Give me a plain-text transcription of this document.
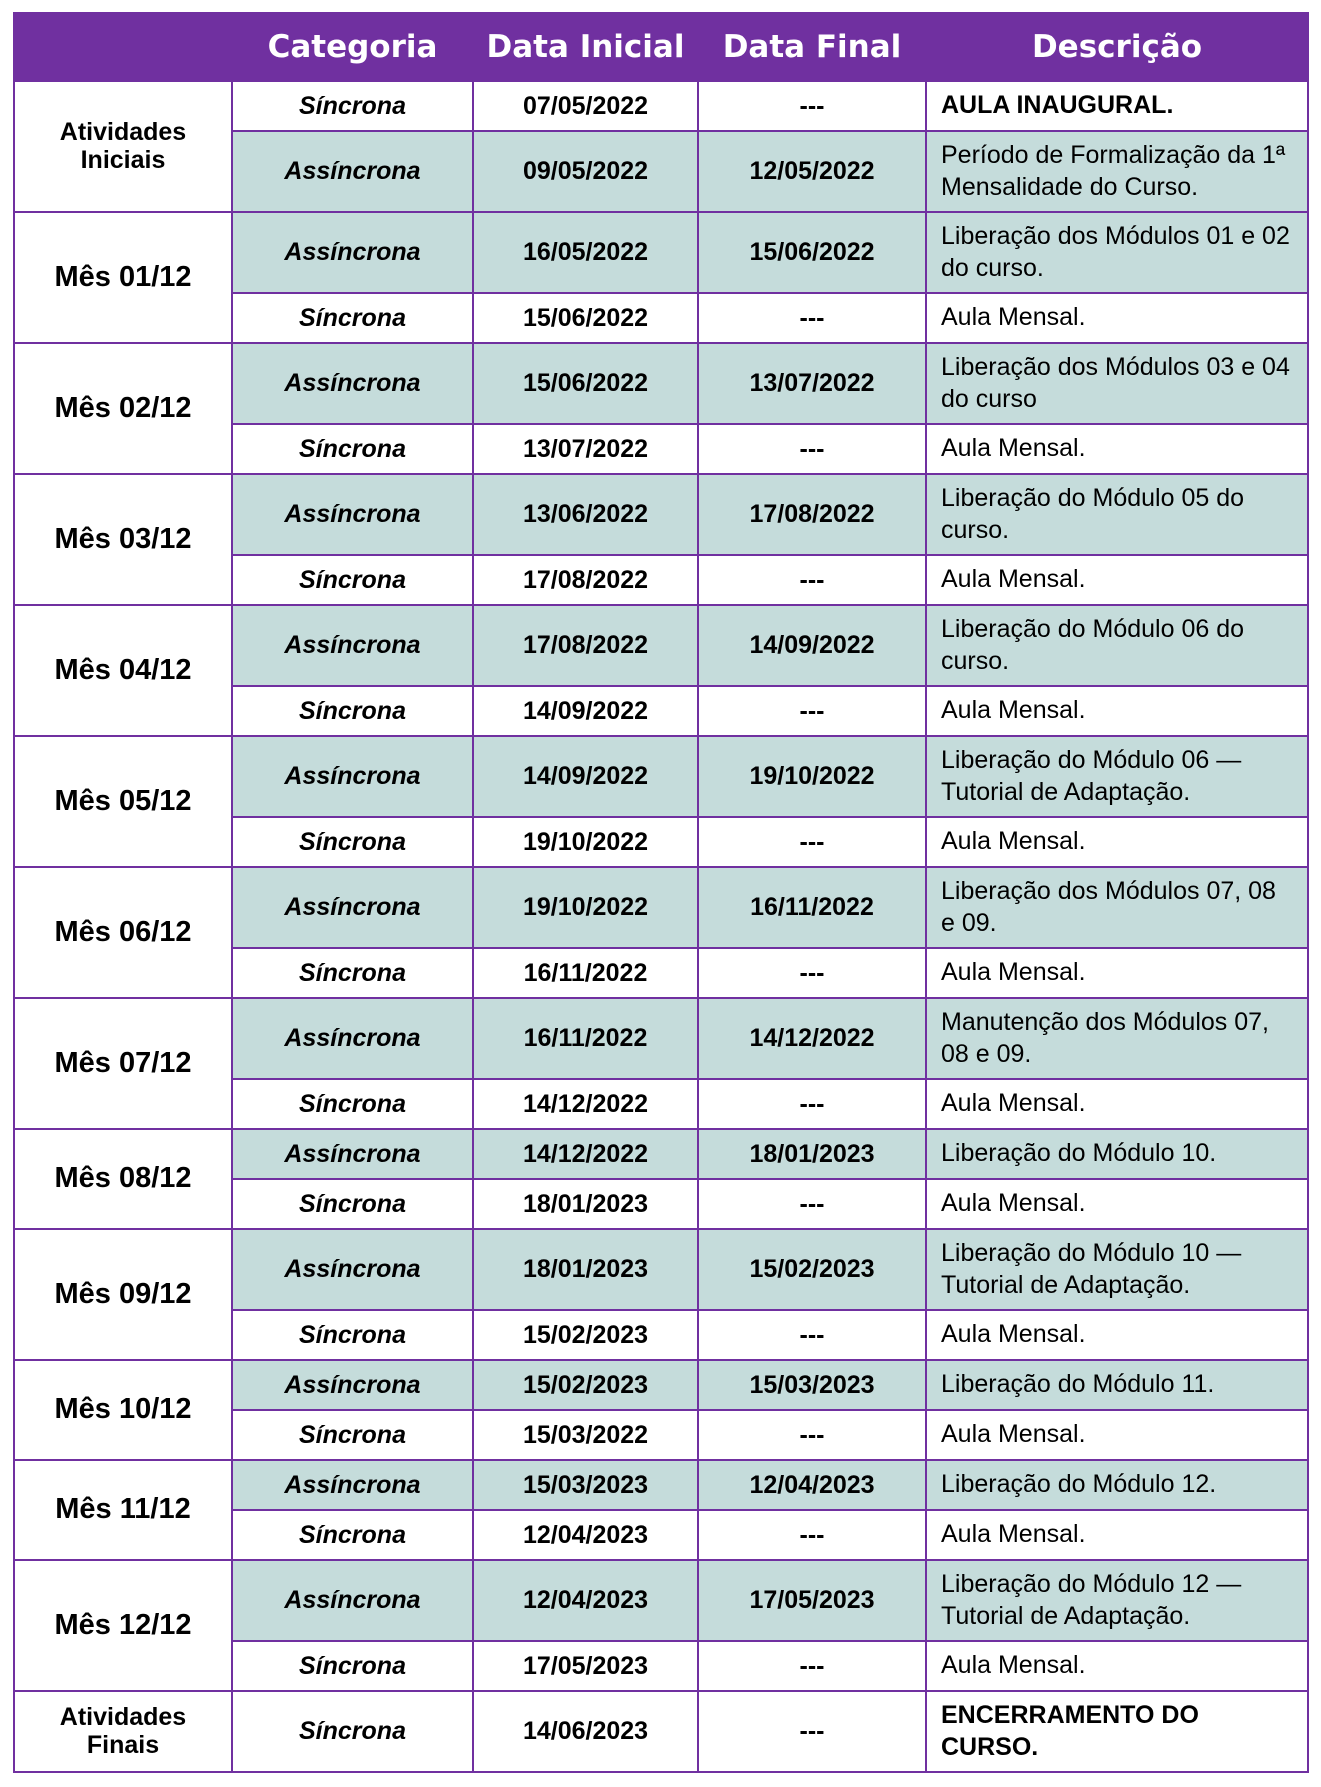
	Categoria	Data Inicial	Data Final	Descrição
Atividades Iniciais	Síncrona	07/05/2022	---	AULA INAUGURAL.
	Assíncrona	09/05/2022	12/05/2022	Período de Formalização da 1ª Mensalidade do Curso.
Mês 01/12	Assíncrona	16/05/2022	15/06/2022	Liberação dos Módulos 01 e 02 do curso.
	Síncrona	15/06/2022	---	Aula Mensal.
Mês 02/12	Assíncrona	15/06/2022	13/07/2022	Liberação dos Módulos 03 e 04 do curso
	Síncrona	13/07/2022	---	Aula Mensal.
Mês 03/12	Assíncrona	13/06/2022	17/08/2022	Liberação do Módulo 05 do curso.
	Síncrona	17/08/2022	---	Aula Mensal.
Mês 04/12	Assíncrona	17/08/2022	14/09/2022	Liberação do Módulo 06 do curso.
	Síncrona	14/09/2022	---	Aula Mensal.
Mês 05/12	Assíncrona	14/09/2022	19/10/2022	Liberação do Módulo 06 — Tutorial de Adaptação.
	Síncrona	19/10/2022	---	Aula Mensal.
Mês 06/12	Assíncrona	19/10/2022	16/11/2022	Liberação dos Módulos 07, 08 e 09.
	Síncrona	16/11/2022	---	Aula Mensal.
Mês 07/12	Assíncrona	16/11/2022	14/12/2022	Manutenção dos Módulos 07, 08 e 09.
	Síncrona	14/12/2022	---	Aula Mensal.
Mês 08/12	Assíncrona	14/12/2022	18/01/2023	Liberação do Módulo 10.
	Síncrona	18/01/2023	---	Aula Mensal.
Mês 09/12	Assíncrona	18/01/2023	15/02/2023	Liberação do Módulo 10 — Tutorial de Adaptação.
	Síncrona	15/02/2023	---	Aula Mensal.
Mês 10/12	Assíncrona	15/02/2023	15/03/2023	Liberação do Módulo 11.
	Síncrona	15/03/2022	---	Aula Mensal.
Mês 11/12	Assíncrona	15/03/2023	12/04/2023	Liberação do Módulo 12.
	Síncrona	12/04/2023	---	Aula Mensal.
Mês 12/12	Assíncrona	12/04/2023	17/05/2023	Liberação do Módulo 12 — Tutorial de Adaptação.
	Síncrona	17/05/2023	---	Aula Mensal.
Atividades Finais	Síncrona	14/06/2023	---	ENCERRAMENTO DO CURSO.
